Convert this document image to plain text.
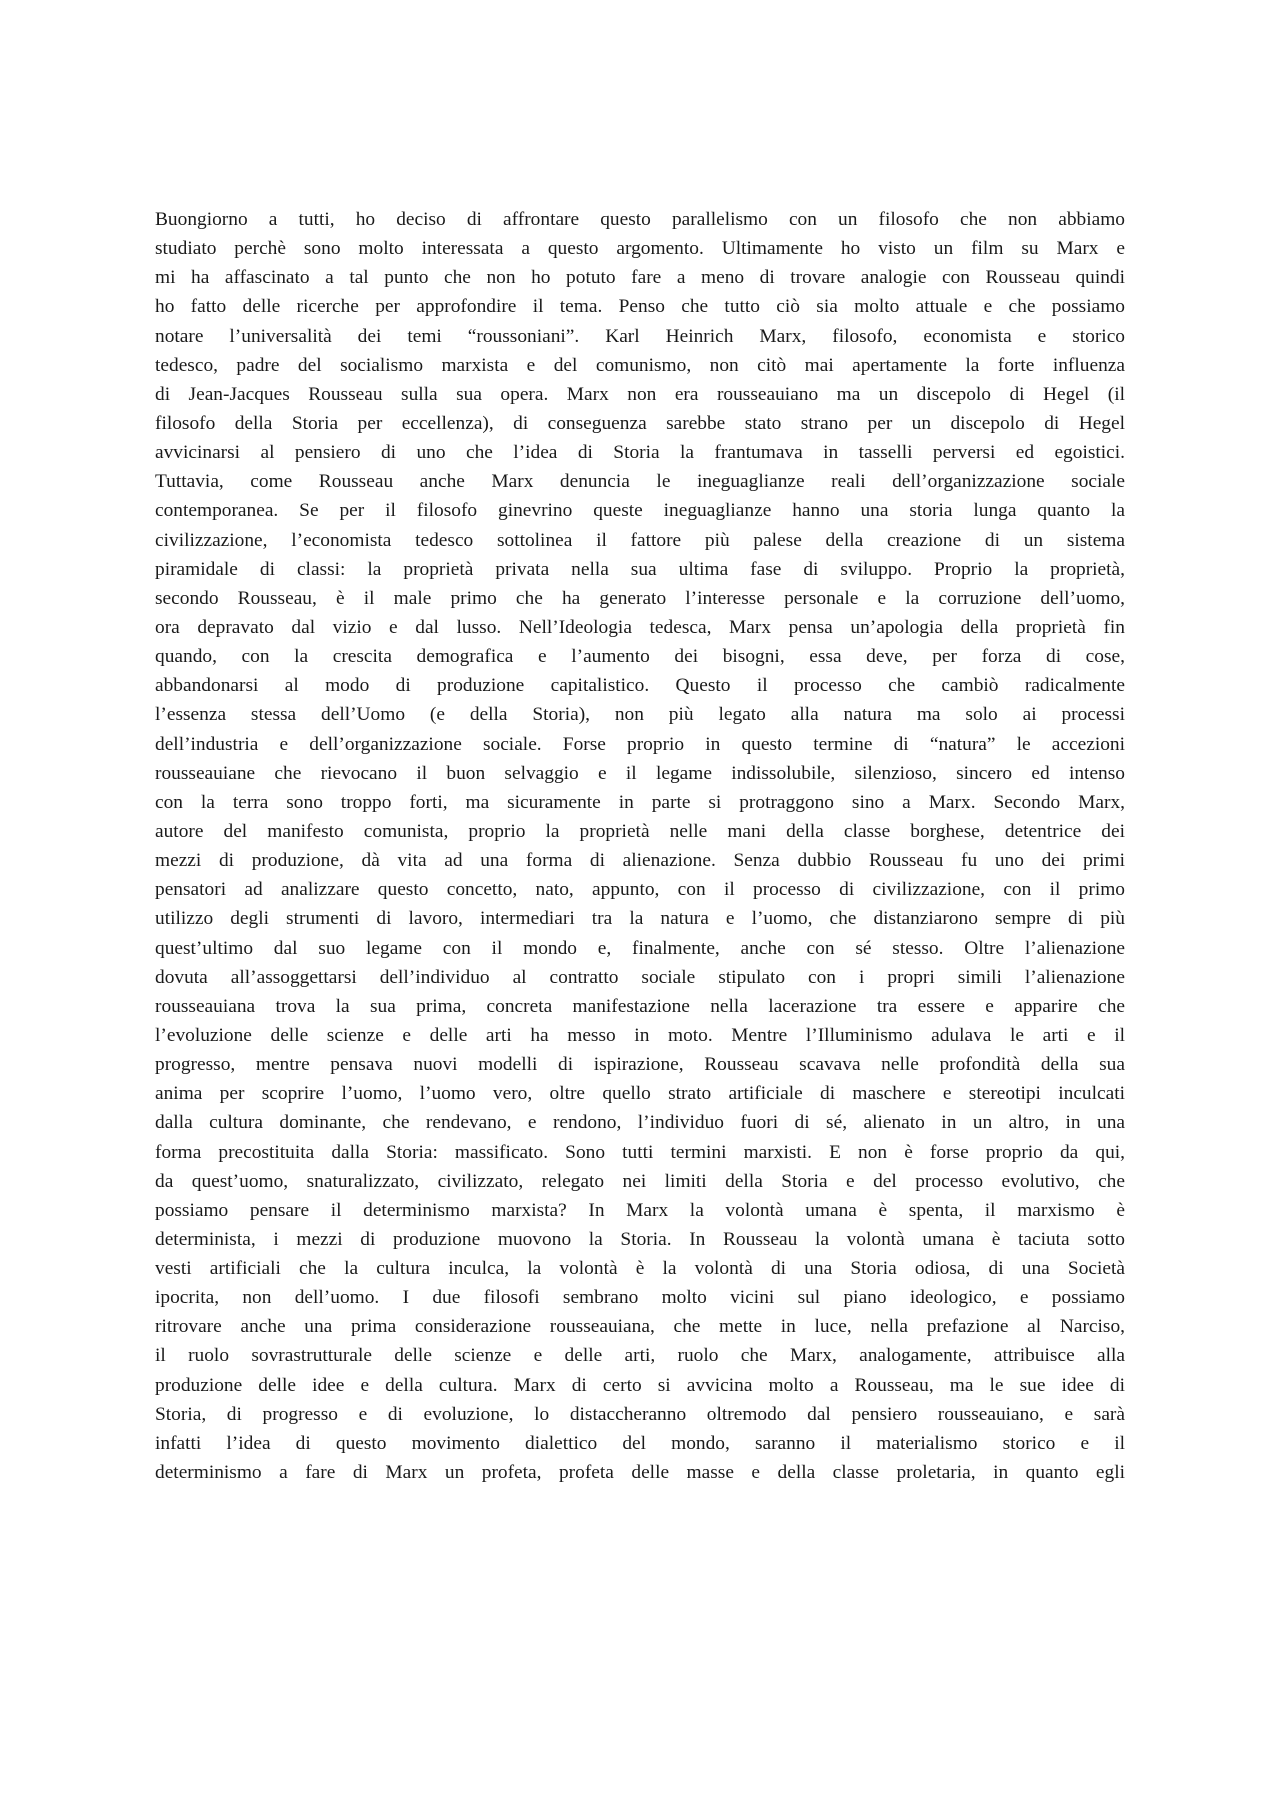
Buongiorno a tutti, ho deciso di affrontare questo parallelismo con un filosofo che non abbiamo
studiato perchè sono molto interessata a questo argomento. Ultimamente ho visto un film su Marx e
mi ha affascinato a tal punto che non ho potuto fare a meno di trovare analogie con Rousseau quindi
ho fatto delle ricerche per approfondire il tema. Penso che tutto ciò sia molto attuale e che possiamo
notare l’universalità dei temi “roussoniani”. Karl Heinrich Marx, filosofo, economista e storico
tedesco, padre del socialismo marxista e del comunismo, non citò mai apertamente la forte influenza
di Jean-Jacques Rousseau sulla sua opera. Marx non era rousseauiano ma un discepolo di Hegel (il
filosofo della Storia per eccellenza), di conseguenza sarebbe stato strano per un discepolo di Hegel
avvicinarsi al pensiero di uno che l’idea di Storia la frantumava in tasselli perversi ed egoistici.
Tuttavia, come Rousseau anche Marx denuncia le ineguaglianze reali dell’organizzazione sociale
contemporanea. Se per il filosofo ginevrino queste ineguaglianze hanno una storia lunga quanto la
civilizzazione, l’economista tedesco sottolinea il fattore più palese della creazione di un sistema
piramidale di classi: la proprietà privata nella sua ultima fase di sviluppo. Proprio la proprietà,
secondo Rousseau, è il male primo che ha generato l’interesse personale e la corruzione dell’uomo,
ora depravato dal vizio e dal lusso. Nell’Ideologia tedesca, Marx pensa un’apologia della proprietà fin
quando, con la crescita demografica e l’aumento dei bisogni, essa deve, per forza di cose,
abbandonarsi al modo di produzione capitalistico. Questo il processo che cambiò radicalmente
l’essenza stessa dell’Uomo (e della Storia), non più legato alla natura ma solo ai processi
dell’industria e dell’organizzazione sociale. Forse proprio in questo termine di “natura” le accezioni
rousseauiane che rievocano il buon selvaggio e il legame indissolubile, silenzioso, sincero ed intenso
con la terra sono troppo forti, ma sicuramente in parte si protraggono sino a Marx. Secondo Marx,
autore del manifesto comunista, proprio la proprietà nelle mani della classe borghese, detentrice dei
mezzi di produzione, dà vita ad una forma di alienazione. Senza dubbio Rousseau fu uno dei primi
pensatori ad analizzare questo concetto, nato, appunto, con il processo di civilizzazione, con il primo
utilizzo degli strumenti di lavoro, intermediari tra la natura e l’uomo, che distanziarono sempre di più
quest’ultimo dal suo legame con il mondo e, finalmente, anche con sé stesso. Oltre l’alienazione
dovuta all’assoggettarsi dell’individuo al contratto sociale stipulato con i propri simili l’alienazione
rousseauiana trova la sua prima, concreta manifestazione nella lacerazione tra essere e apparire che
l’evoluzione delle scienze e delle arti ha messo in moto. Mentre l’Illuminismo adulava le arti e il
progresso, mentre pensava nuovi modelli di ispirazione, Rousseau scavava nelle profondità della sua
anima per scoprire l’uomo, l’uomo vero, oltre quello strato artificiale di maschere e stereotipi inculcati
dalla cultura dominante, che rendevano, e rendono, l’individuo fuori di sé, alienato in un altro, in una
forma precostituita dalla Storia: massificato. Sono tutti termini marxisti. E non è forse proprio da qui,
da quest’uomo, snaturalizzato, civilizzato, relegato nei limiti della Storia e del processo evolutivo, che
possiamo pensare il determinismo marxista? In Marx la volontà umana è spenta, il marxismo è
determinista, i mezzi di produzione muovono la Storia. In Rousseau la volontà umana è taciuta sotto
vesti artificiali che la cultura inculca, la volontà è la volontà di una Storia odiosa, di una Società
ipocrita, non dell’uomo. I due filosofi sembrano molto vicini sul piano ideologico, e possiamo
ritrovare anche una prima considerazione rousseauiana, che mette in luce, nella prefazione al Narciso,
il ruolo sovrastrutturale delle scienze e delle arti, ruolo che Marx, analogamente, attribuisce alla
produzione delle idee e della cultura. Marx di certo si avvicina molto a Rousseau, ma le sue idee di
Storia, di progresso e di evoluzione, lo distaccheranno oltremodo dal pensiero rousseauiano, e sarà
infatti l’idea di questo movimento dialettico del mondo, saranno il materialismo storico e il
determinismo a fare di Marx un profeta, profeta delle masse e della classe proletaria, in quanto egli
